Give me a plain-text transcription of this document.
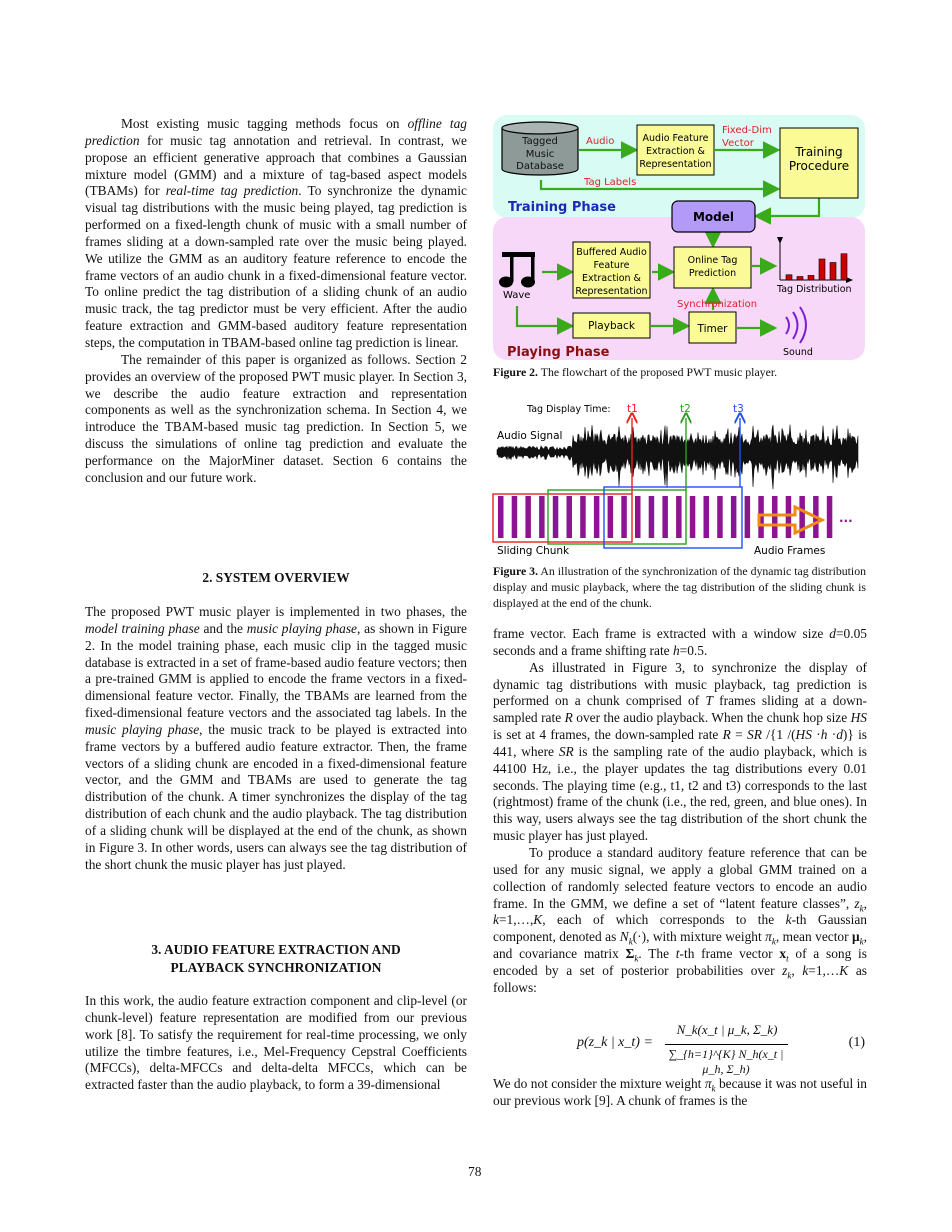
Most existing music tagging methods focus on offline tag prediction for music tag annotation and retrieval. In contrast, we propose an efficient generative approach that combines a Gaussian mixture model (GMM) and a mixture of tag-based aspect models (TBAMs) for real-time tag prediction. To synchronize the dynamic visual tag distributions with the music being played, tag prediction is performed on a fixed-length chunk of music with a small number of frames sliding at a down-sampled rate over the music being played. We utilize the GMM as an auditory feature reference to encode the frame vectors of an audio chunk in a fixed-dimensional feature vector. To online predict the tag distribution of a sliding chunk of an audio music track, the tag predictor must be very efficient. After the audio feature extraction and GMM-based auditory feature representation steps, the computation in TBAM-based online tag prediction is linear.

The remainder of this paper is organized as follows. Section 2 provides an overview of the proposed PWT music player. In Section 3, we describe the audio feature extraction and representation components as well as the synchronization schema. In Section 4, we introduce the TBAM-based music tag prediction. In Section 5, we discuss the simulations of online tag prediction and evaluate the performance on the MajorMiner dataset. Section 6 contains the conclusion and our future work.

2. SYSTEM OVERVIEW

The proposed PWT music player is implemented in two phases, the model training phase and the music playing phase, as shown in Figure 2. In the model training phase, each music clip in the tagged music database is extracted in a set of frame-based audio feature vectors; then a pre-trained GMM is applied to encode the frame vectors in a fixed-dimensional feature vector. Finally, the TBAMs are learned from the fixed-dimensional feature vectors and the associated tag labels. In the music playing phase, the music track to be played is extracted into frame vectors by a buffered audio feature extractor. Then, the frame vectors of a sliding chunk are encoded in a fixed-dimensional feature vector, and the GMM and TBAMs are used to generate the tag distribution of the chunk. A timer synchronizes the display of the tag distribution of each chunk and the audio playback. The tag distribution of a sliding chunk will be displayed at the end of the chunk, as shown in Figure 3. In other words, users can always see the tag distribution of the short chunk the music player has just played.

3. AUDIO FEATURE EXTRACTION AND
PLAYBACK SYNCHRONIZATION

In this work, the audio feature extraction component and clip-level (or chunk-level) feature representation are modified from our previous work [8]. To satisfy the requirement for real-time processing, we only utilize the timbre features, i.e., Mel-Frequency Cepstral Coefficients (MFCCs), delta-MFCCs and delta-delta MFCCs, which can be extracted faster than the audio playback, to form a 39-dimensional

Tagged Music Database
Audio	Audio Feature Extraction & Representation
Fixed-Dim Vector
Training Procedure
Tag Labels
Training Phase
Model
Wave
Buffered Audio Feature Extraction & Representation
Online Tag Prediction
Tag Distribution
Synchronization
Playback	Timer
Sound
Playing Phase
Figure 2. The flowchart of the proposed PWT music player.
Tag Display Time: t1	t2	t3
Audio Signal
...
Sliding Chunk	Audio Frames
Figure 3. An illustration of the synchronization of the dynamic tag distribution display and music playback, where the tag distribution of the sliding chunk is displayed at the end of the chunk.

frame vector. Each frame is extracted with a window size d=0.05 seconds and a frame shifting rate h=0.5.

As illustrated in Figure 3, to synchronize the display of dynamic tag distributions with music playback, tag prediction is performed on a chunk comprised of T frames sliding at a down-sampled rate R over the audio playback. When the chunk hop size HS is set at 4 frames, the down-sampled rate R = SR /{1 /(HS ·h ·d)} is 441, where SR is the sampling rate of the audio playback, which is 44100 Hz, i.e., the player updates the tag distributions every 0.01 seconds. The playing time (e.g., t1, t2 and t3) corresponds to the last (rightmost) frame of the chunk (i.e., the red, green, and blue ones). In this way, users always see the tag distribution of the short chunk the music player has just played.

To produce a standard auditory feature reference that can be used for any music signal, we apply a global GMM trained on a collection of randomly selected feature vectors to encode an audio frame. In the GMM, we define a set of “latent feature classes”, $z_k$, k=1,…,K, each of which corresponds to the k-th Gaussian component, denoted as $N_k(\cdot)$, with mixture weight $\pi_k$, mean vector $\mu_k$, and covariance matrix $\Sigma_k$. The t-th frame vector $x_t$ of a song is encoded by a set of posterior probabilities over $z_k$, k=1,…K as follows:

p(z_k | x_t) =
N_k(x_t | μ_k, Σ_k)
∑_{h=1}^{K} N_h(x_t | μ_h, Σ_h)
(1)

We do not consider the mixture weight $\pi_k$ because it was not useful in our previous work [9]. A chunk of frames is the

78
